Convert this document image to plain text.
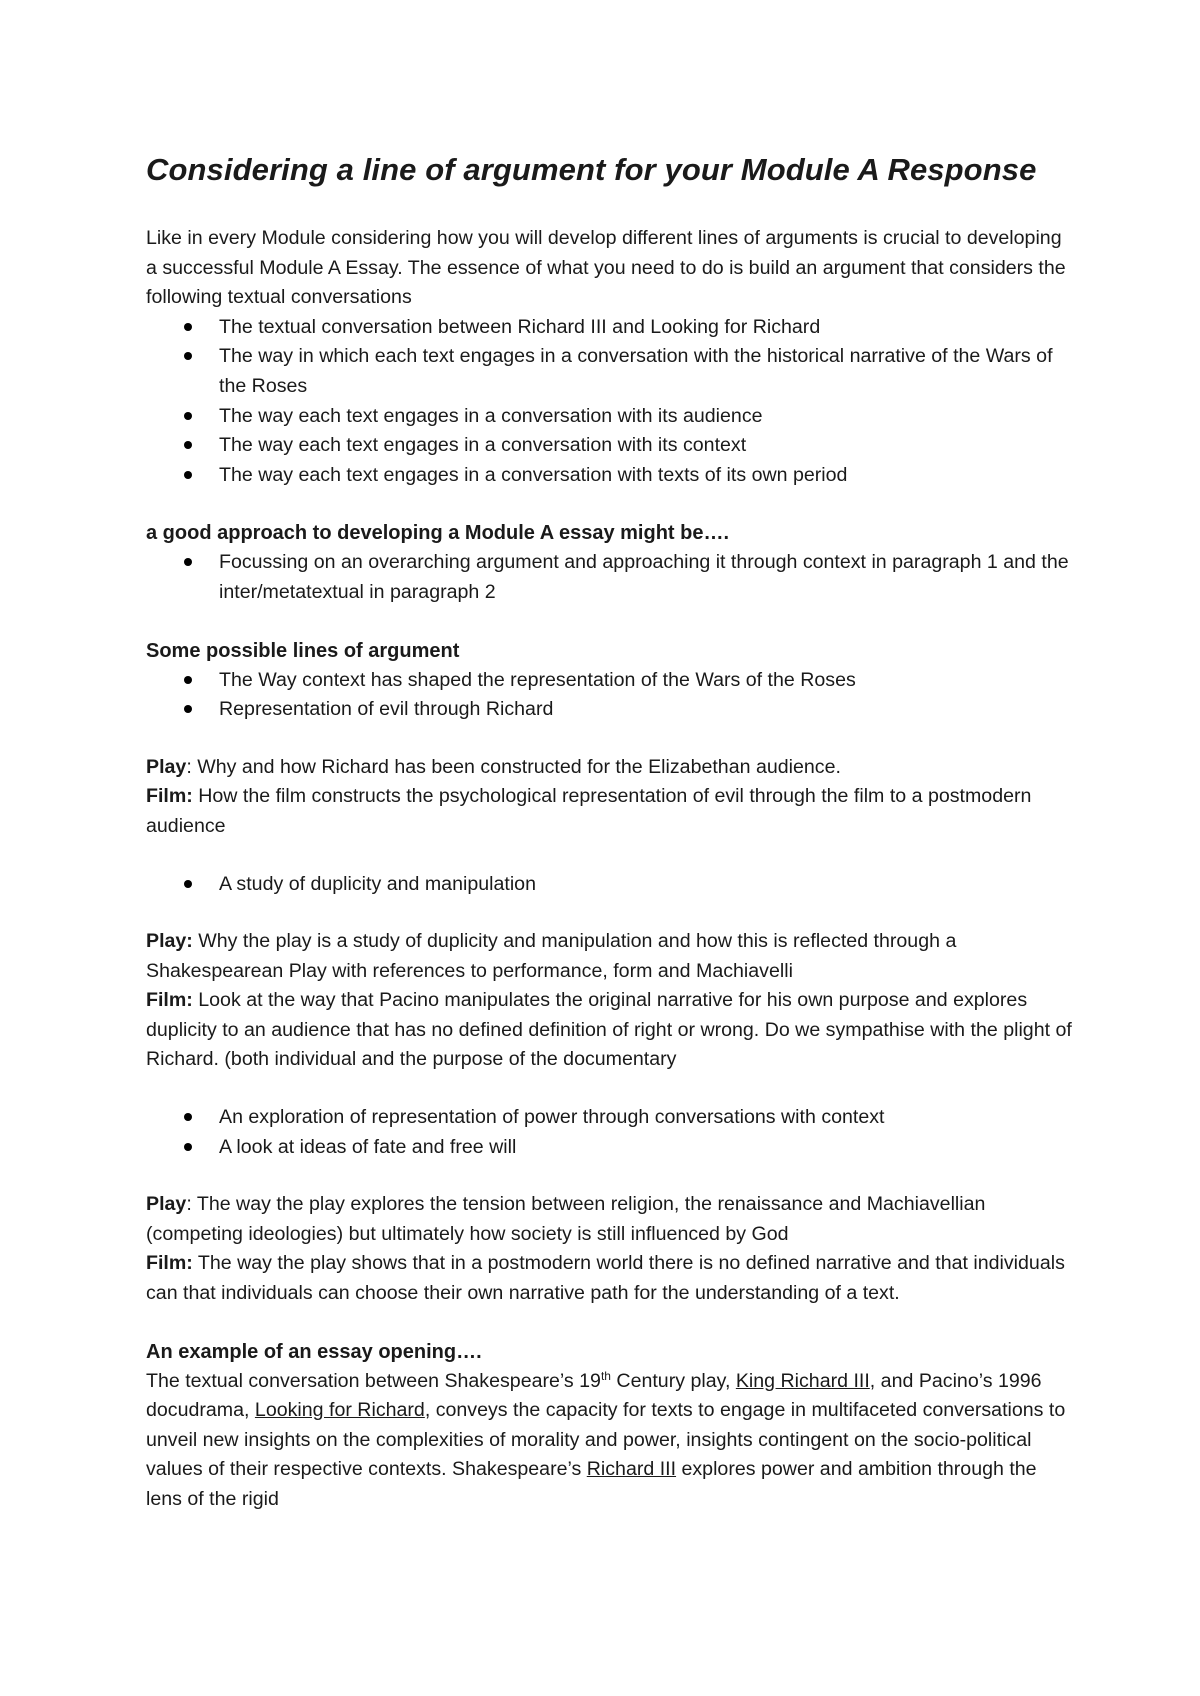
Considering a line of argument for your Module A Response

Like in every Module considering how you will develop different lines of arguments is crucial to developing a successful Module A Essay. The essence of what you need to do is build an argument that considers the following textual conversations

The textual conversation between Richard III and Looking for Richard
The way in which each text engages in a conversation with the historical narrative of the Wars of the Roses
The way each text engages in a conversation with its audience
The way each text engages in a conversation with its context
The way each text engages in a conversation with texts of its own period
a good approach to developing a Module A essay might be….
Focussing on an overarching argument and approaching it through context in paragraph 1 and the inter/metatextual in paragraph 2
Some possible lines of argument
The Way context has shaped the representation of the Wars of the Roses
Representation of evil through Richard

Play: Why and how Richard has been constructed for the Elizabethan audience.

Film: How the film constructs the psychological representation of evil through the film to a postmodern audience

A study of duplicity and manipulation

Play: Why the play is a study of duplicity and manipulation and how this is reflected through a Shakespearean Play with references to performance, form and Machiavelli

Film: Look at the way that Pacino manipulates the original narrative for his own purpose and explores duplicity to an audience that has no defined definition of right or wrong. Do we sympathise with the plight of Richard. (both individual and the purpose of the documentary

An exploration of representation of power through conversations with context
A look at ideas of fate and free will

Play: The way the play explores the tension between religion, the renaissance and Machiavellian (competing ideologies) but ultimately how society is still influenced by God

Film: The way the play shows that in a postmodern world there is no defined narrative and that individuals can that individuals can choose their own narrative path for the understanding of a text.

An example of an essay opening….

The textual conversation between Shakespeare’s 19th Century play, King Richard III, and Pacino’s 1996 docudrama, Looking for Richard, conveys the capacity for texts to engage in multifaceted conversations to unveil new insights on the complexities of morality and power, insights contingent on the socio-political values of their respective contexts. Shakespeare’s Richard III explores power and ambition through the lens of the rigid
